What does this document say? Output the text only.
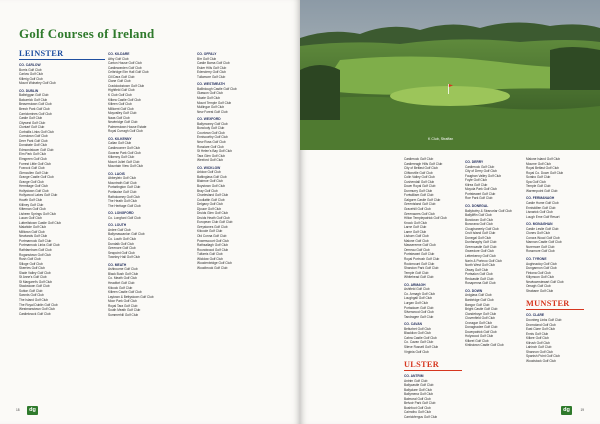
Golf Courses of Ireland
LEINSTER
CO. CARLOW
Borris Golf Club
Carlow Golf Club
Killerig Golf Club
Mount Wolseley Golf Club
CO. DUBLIN
Balbriggan Golf Club
Balcarrick Golf Club
Beaverstown Golf Club
Beech Park Golf Club
Carrickmines Golf Club
Castle Golf Club
Citywest Golf Club
Clontarf Golf Club
Corballis Links Golf Club
Corrstown Golf Club
Deer Park Golf Club
Donabate Golf Club
Edmondstown Golf Club
Elm Park Golf Club
Elmgreen Golf Club
Forrest Little Golf Club
Foxrock Golf Club
Glencullen Golf Club
Grange Castle Golf Club
Grange Golf Club
Hermitage Golf Club
Hollystown Golf Club
Hollywood Lakes Golf Club
Howth Golf Club
Killiney Golf Club
Kilternan Golf Club
Lisheen Springs Golf Club
Lucan Golf Club
Luttrellstown Castle Golf Club
Malahide Golf Club
Milltown Golf Club
Newlands Golf Club
Portmarnock Golf Club
Portmarnock Links Golf Club
Rathfarnham Golf Club
Roganstown Golf Club
Rush Golf Club
Silloge Golf Club
Skerries Golf Club
Slade Valley Golf Club
St Anne's Golf Club
St Margaret's Golf Club
Stackstown Golf Club
Sutton Golf Club
Swords Golf Club
The Island Golf Club
The Royal Dublin Golf Club
Westmanstown Golf Club
Castleknock Golf Club
CO. KILDARE
Athy Golf Club
Carton House Golf Club
Castlewarden Golf Club
Celbridge Elm Hall Golf Club
Cill Dara Golf Club
Clane Golf Club
Craddockstown Golf Club
Highfield Golf Club
K Club Golf Club
Kilkea Castle Golf Club
Killeen Golf Club
Millicent Golf Club
Moyvalley Golf Club
Naas Golf Club
Newbridge Golf Club
Palmerstown House Estate
Royal Curragh Golf Club
CO. KILKENNY
Callan Golf Club
Castlecomer Golf Club
Gowran Park Golf Club
Kilkenny Golf Club
Mount Juliet Golf Club
Mountain View Golf Club
CO. LAOIS
Abbeyleix Golf Club
Mountrath Golf Club
Portarlington Golf Club
Portlaoise Golf Club
Rathdowney Golf Club
The Heath Golf Club
The Heritage Golf Club
CO. LONGFORD
Co. Longford Golf Club
CO. LOUTH
Ardee Golf Club
Ballymascanlon Golf Club
Co. Louth Golf Club
Dundalk Golf Club
Greenore Golf Club
Seapoint Golf Club
Townley Hall Golf Club
CO. MEATH
Ashbourne Golf Club
Black Bush Golf Club
Co. Meath Golf Club
Headfort Golf Club
Kilcock Golf Club
Killeen Castle Golf Club
Laytown & Bettystown Golf Club
Moor Park Golf Club
Royal Tara Golf Club
South Meath Golf Club
Summerhill Golf Club
CO. OFFALY
Birr Golf Club
Castle Barna Golf Club
Esker Hills Golf Club
Edenderry Golf Club
Tullamore Golf Club
CO. WESTMEATH
Ballinlough Castle Golf Club
Glasson Golf Club
Moate Golf Club
Mount Temple Golf Club
Mullingar Golf Club
New Forest Golf Club
CO. WEXFORD
Ballymoney Golf Club
Bunclody Golf Club
Courtown Golf Club
Enniscorthy Golf Club
New Ross Golf Club
Rosslare Golf Club
St Helen's Bay Golf Club
Tara Glen Golf Club
Wexford Golf Club
CO. WICKLOW
Arklow Golf Club
Baltinglass Golf Club
Blainroe Golf Club
Boystown Golf Club
Bray Golf Club
Charlesland Golf Club
Coollattin Golf Club
Delgany Golf Club
Djouce Golf Club
Druids Glen Golf Club
Druids Heath Golf Club
European Club Golf Club
Greystones Golf Club
Kilcoole Golf Club
Old Conna Golf Club
Powerscourt Golf Club
Rathsallagh Golf Club
Roundwood Golf Club
Tulfarris Golf Club
Wicklow Golf Club
Woodenbridge Golf Club
Woodbrook Golf Club
18	dg
K Club, Straffan
Castlerock Golf Club
Castlereagh Hills Golf Club
City of Belfast Golf Club
Cliftonville Golf Club
Colin Valley Golf Club
Cushendall Golf Club
Down Royal Golf Club
Dunmurry Golf Club
Fortwilliam Golf Club
Galgorm Castle Golf Club
Greenisland Golf Club
Gracehill Golf Club
Greenacres Golf Club
Hilton Templepatrick Golf Club
Knock Golf Club
Larne Golf Club
Lame Golf Club
Lisburn Golf Club
Malone Golf Club
Massereene Golf Club
Ormeau Golf Club
Portstewart Golf Club
Royal Portrush Golf Club
Rockmount Golf Club
Shandon Park Golf Club
Temple Golf Club
Whitehead Golf Club
CO. ARMAGH
Ashfield Golf Club
Co. Armagh Golf Club
Loughgall Golf Club
Lurgan Golf Club
Portadown Golf Club
Silverwood Golf Club
Tandragee Golf Club
CO. CAVAN
Belturbet Golf Club
Blacklion Golf Club
Cabra Castle Golf Club
Co. Cavan Golf Club
Slieve Russell Golf Club
Virginia Golf Club
ULSTER
CO. ANTRIM
Antrim Golf Club
Ballycastle Golf Club
Ballyclare Golf Club
Ballymena Golf Club
Balmoral Golf Club
Belvoir Park Golf Club
Bushfoot Golf Club
Cairndhu Golf Club
Carrickfergus Golf Club
CO. DERRY
Castlerock Golf Club
City of Derry Golf Club
Faughan Valley Golf Club
Foyle Golf Club
Kilrea Golf Club
Moyola Park Golf Club
Portstewart Golf Club
Roe Park Golf Club
CO. DONEGAL
Ballybofey & Stranorlar Golf Club
Ballyliffin Golf Club
Bundoran Golf Club
Buncrana Golf Club
Cloughaneely Golf Club
Cruit Island Golf Club
Donegal Golf Club
Dunfanaghy Golf Club
Greencastle Golf Club
Gweedore Golf Club
Letterkenny Golf Club
Narin & Portnoo Golf Club
North West Golf Club
Otway Golf Club
Portsalon Golf Club
Redcastle Golf Club
Rosapenna Golf Club
CO. DOWN
Ardglass Golf Club
Banbridge Golf Club
Bangor Golf Club
Bright Castle Golf Club
Clandeboye Golf Club
Clovenfield Golf Club
Crossgar Golf Club
Donaghadee Golf Club
Downpatrick Golf Club
Holywood Golf Club
Kilkeel Golf Club
Kirkistown Castle Golf Club
Malone Island Golf Club
Mourne Golf Club
Royal Belfast Golf Club
Royal Co. Down Golf Club
Scrabo Golf Club
Spa Golf Club
Temple Golf Club
Warrenpoint Golf Club
CO. FERMANAGH
Castle Hume Golf Club
Enniskillen Golf Club
Lisnarick Golf Club
Lough Erne Golf Resort
CO. MONAGHAN
Castle Leslie Golf Club
Clones Golf Club
Concra Wood Golf Club
Mannan Castle Golf Club
Nuremore Golf Club
Rossmore Golf Club
CO. TYRONE
Aughnacloy Golf Club
Dungannon Golf Club
Fintona Golf Club
Killymoon Golf Club
Newtownstewart Golf Club
Omagh Golf Club
Strabane Golf Club
MUNSTER
CO. CLARE
Doonbeg Links Golf Club
Dromoland Golf Club
East Clare Golf Club
Ennis Golf Club
Kilkee Golf Club
Kilrush Golf Club
Lahinch Golf Club
Shannon Golf Club
Spanish Point Golf Club
Woodstock Golf Club
19
dg
